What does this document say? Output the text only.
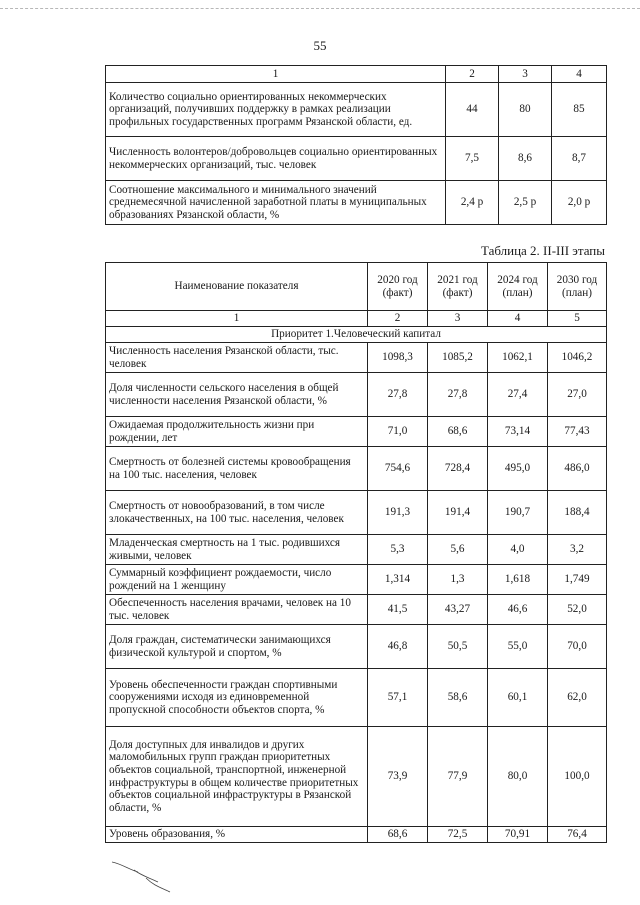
55
1	2	3	4
Количество социально ориентированных некоммерческих организаций, получивших поддержку в рамках реализации профильных государственных программ Рязанской области, ед.	44	80	85
Численность волонтеров/добровольцев социально ориентированных некоммерческих организаций, тыс. человек	7,5	8,6	8,7
Соотношение максимального и минимального значений среднемесячной начисленной заработной платы в муниципальных образованиях Рязанской области, %	2,4 р	2,5 р	2,0 р
Таблица 2. II-III этапы
Наименование показателя	2020 год (факт)	2021 год (факт)	2024 год (план)	2030 год (план)
1	2	3	4	5
Приоритет 1.Человеческий капитал				
Численность населения Рязанской области, тыс. человек	1098,3	1085,2	1062,1	1046,2
Доля численности сельского населения в общей численности населения Рязанской области, %	27,8	27,8	27,4	27,0
Ожидаемая продолжительность жизни при рождении, лет	71,0	68,6	73,14	77,43
Смертность от болезней системы кровообращения на 100 тыс. населения, человек	754,6	728,4	495,0	486,0
Смертность от новообразований, в том числе злокачественных, на 100 тыс. населения, человек	191,3	191,4	190,7	188,4
Младенческая смертность на 1 тыс. родившихся живыми, человек	5,3	5,6	4,0	3,2
Суммарный коэффициент рождаемости, число рождений на 1 женщину	1,314	1,3	1,618	1,749
Обеспеченность населения врачами, человек на 10 тыс. человек	41,5	43,27	46,6	52,0
Доля граждан, систематически занимающихся физической культурой и спортом, %	46,8	50,5	55,0	70,0
Уровень обеспеченности граждан спортивными сооружениями исходя из единовременной пропускной способности объектов спорта, %	57,1	58,6	60,1	62,0
Доля доступных для инвалидов и других маломобильных групп граждан приоритетных объектов социальной, транспортной, инженерной инфраструктуры в общем количестве приоритетных объектов социальной инфраструктуры в Рязанской области, %	73,9	77,9	80,0	100,0
Уровень образования, %	68,6	72,5	70,91	76,4
